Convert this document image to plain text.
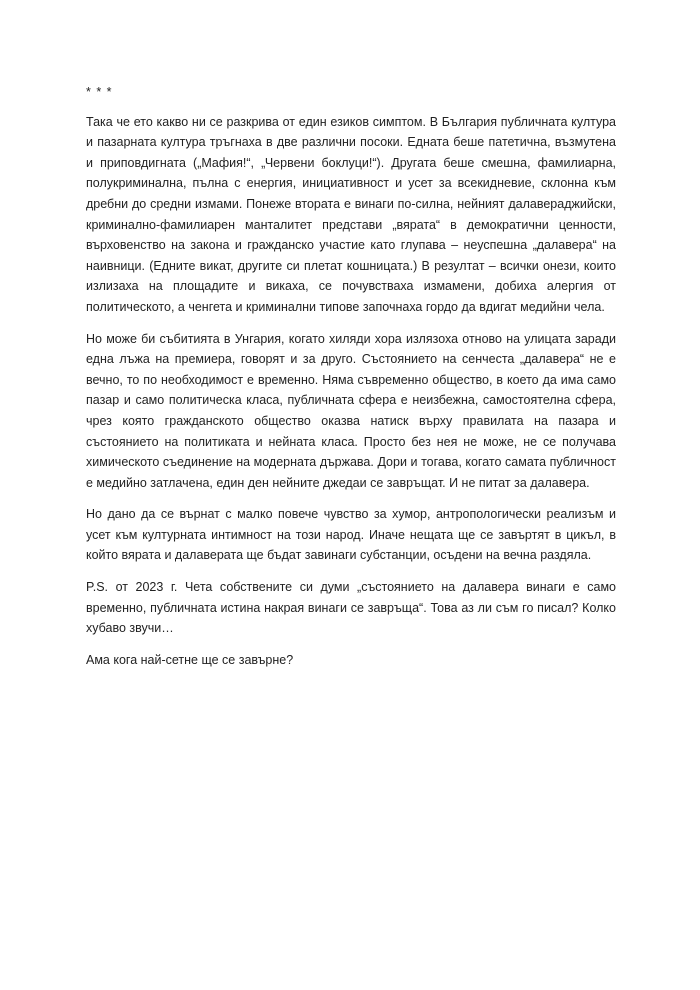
* * *

Така че ето какво ни се разкрива от един езиков симптом. В България публичната култура и пазарната култура тръгнаха в две различни посоки. Едната беше патетична, възмутена и приповдигната („Мафия!“, „Червени боклуци!“). Другата беше смешна, фамилиарна, полукриминална, пълна с енергия, инициативност и усет за всекидневие, склонна към дребни до средни измами. Понеже втората е винаги по-силна, нейният далавераджийски, криминално-фамилиарен манталитет представи „вярата“ в демократични ценности, върховенство на закона и гражданско участие като глупава – неуспешна „далавера“ на наивници. (Едните викат, другите си плетат кошницата.) В резултат – всички онези, които излизаха на площадите и викаха, се почувстваха измамени, добиха алергия от политическото, а ченгета и криминални типове започнаха гордо да вдигат медийни чела.

Но може би събитията в Унгария, когато хиляди хора излязоха отново на улицата заради една лъжа на премиера, говорят и за друго. Състоянието на сенчеста „далавера“ не е вечно, то по необходимост е временно. Няма съвременно общество, в което да има само пазар и само политическа класа, публичната сфера е неизбежна, самостоятелна сфера, чрез която гражданското общество оказва натиск върху правилата на пазара и състоянието на политиката и нейната класа. Просто без нея не може, не се получава химическото съединение на модерната държава. Дори и тогава, когато самата публичност е медийно затлачена, един ден нейните джедаи се завръщат. И не питат за далавера.

Но дано да се върнат с малко повече чувство за хумор, антропологически реализъм и усет към културната интимност на този народ. Иначе нещата ще се завъртят в цикъл, в който вярата и далаверата ще бъдат завинаги субстанции, осъдени на вечна раздяла.

P.S. от 2023 г. Чета собствените си думи „състоянието на далавера винаги е само временно, публичната истина накрая винаги се завръща“. Това аз ли съм го писал? Колко хубаво звучи…

Ама кога най-сетне ще се завърне?
